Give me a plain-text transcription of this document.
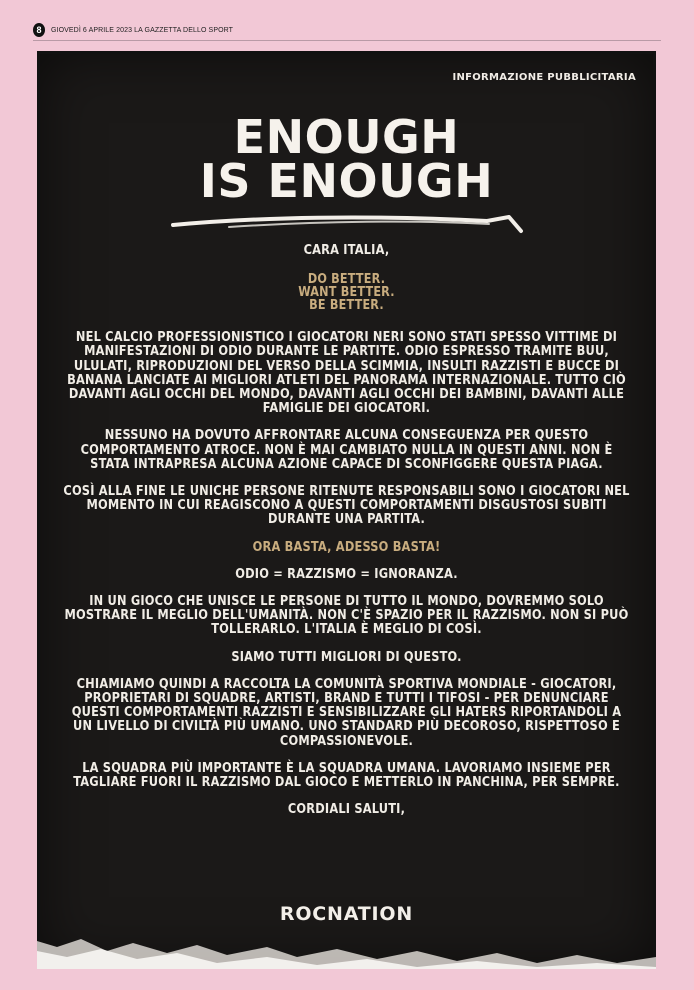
8	GIOVEDÌ 6 APRILE 2023 LA GAZZETTA DELLO SPORT
INFORMAZIONE PUBBLICITARIA
ENOUGH
IS ENOUGH

CARA ITALIA,

DO BETTER.
WANT BETTER.
BE BETTER.

NEL CALCIO PROFESSIONISTICO I GIOCATORI NERI SONO STATI SPESSO VITTIME DI MANIFESTAZIONI DI ODIO DURANTE LE PARTITE. ODIO ESPRESSO TRAMITE BUU, ULULATI, RIPRODUZIONI DEL VERSO DELLA SCIMMIA, INSULTI RAZZISTI E BUCCE DI BANANA LANCIATE AI MIGLIORI ATLETI DEL PANORAMA INTERNAZIONALE. TUTTO CIÒ DAVANTI AGLI OCCHI DEL MONDO, DAVANTI AGLI OCCHI DEI BAMBINI, DAVANTI ALLE FAMIGLIE DEI GIOCATORI.

NESSUNO HA DOVUTO AFFRONTARE ALCUNA CONSEGUENZA PER QUESTO COMPORTAMENTO ATROCE. NON È MAI CAMBIATO NULLA IN QUESTI ANNI. NON È STATA INTRAPRESA ALCUNA AZIONE CAPACE DI SCONFIGGERE QUESTA PIAGA.

COSÌ ALLA FINE LE UNICHE PERSONE RITENUTE RESPONSABILI SONO I GIOCATORI NEL MOMENTO IN CUI REAGISCONO A QUESTI COMPORTAMENTI DISGUSTOSI SUBITI DURANTE UNA PARTITA.

ORA BASTA, ADESSO BASTA!

ODIO = RAZZISMO = IGNORANZA.

IN UN GIOCO CHE UNISCE LE PERSONE DI TUTTO IL MONDO, DOVREMMO SOLO MOSTRARE IL MEGLIO DELL'UMANITÀ. NON C'È SPAZIO PER IL RAZZISMO. NON SI PUÒ TOLLERARLO. L'ITALIA È MEGLIO DI COSÌ.

SIAMO TUTTI MIGLIORI DI QUESTO.

CHIAMIAMO QUINDI A RACCOLTA LA COMUNITÀ SPORTIVA MONDIALE - GIOCATORI, PROPRIETARI DI SQUADRE, ARTISTI, BRAND E TUTTI I TIFOSI - PER DENUNCIARE QUESTI COMPORTAMENTI RAZZISTI E SENSIBILIZZARE GLI HATERS RIPORTANDOLI A UN LIVELLO DI CIVILTÀ PIÙ UMANO. UNO STANDARD PIÙ DECOROSO, RISPETTOSO E COMPASSIONEVOLE.

LA SQUADRA PIÙ IMPORTANTE È LA SQUADRA UMANA. LAVORIAMO INSIEME PER TAGLIARE FUORI IL RAZZISMO DAL GIOCO E METTERLO IN PANCHINA, PER SEMPRE.

CORDIALI SALUTI,

ROCNATION
